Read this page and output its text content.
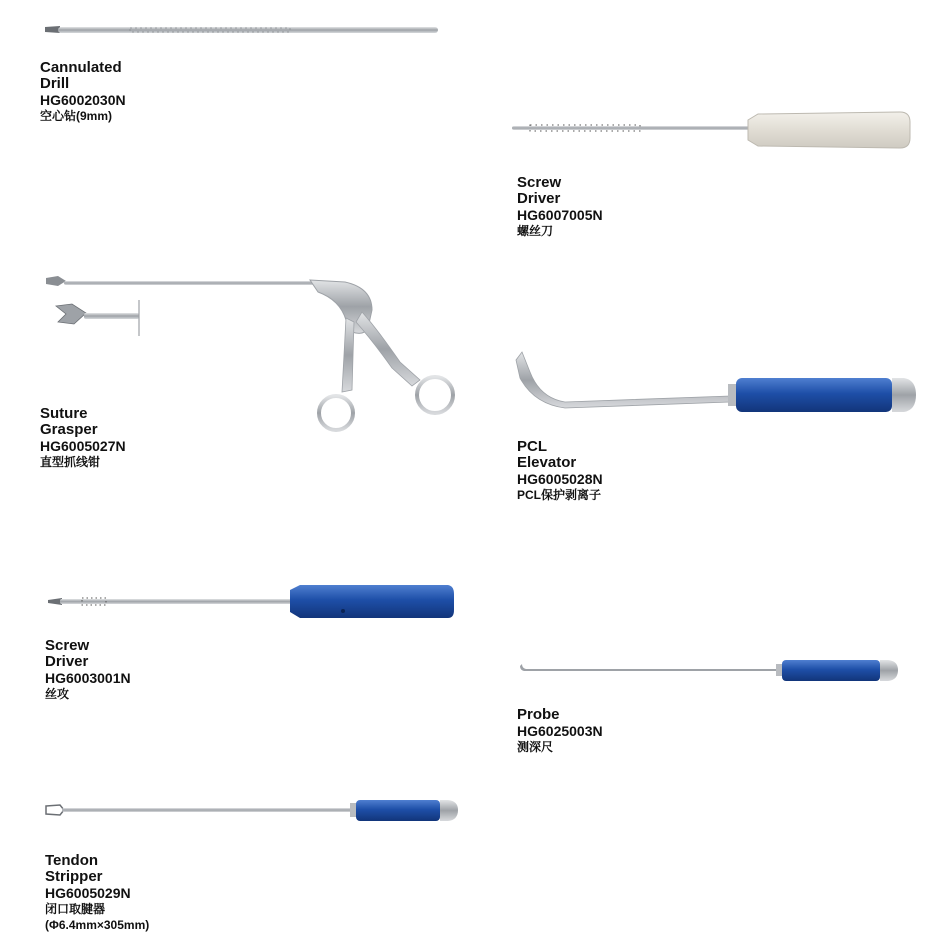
Cannulated Drill
HG6002030N
空心钻(9mm)
Screw Driver
HG6007005N
螺丝刀
Suture Grasper
HG6005027N
直型抓线钳
PCL Elevator
HG6005028N
PCL保护剥离子
Screw Driver
HG6003001N
丝攻
Probe
HG6025003N
测深尺
Tendon Stripper
HG6005029N
闭口取腱器(Φ6.4mm×305mm)
